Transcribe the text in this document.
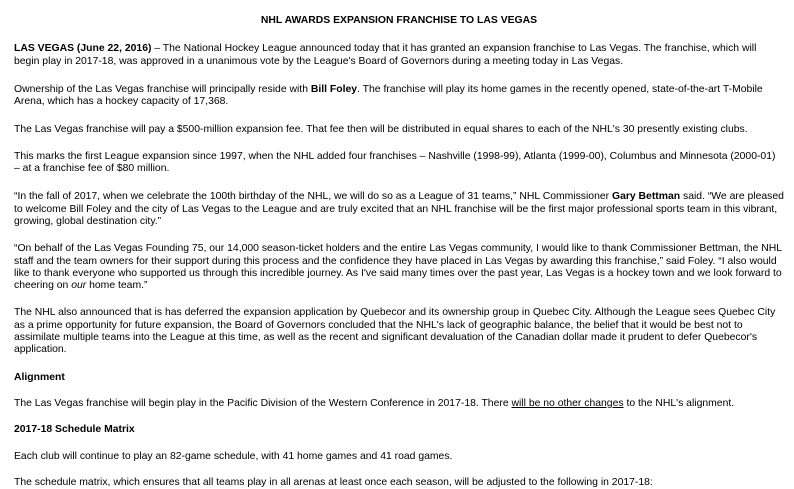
NHL AWARDS EXPANSION FRANCHISE TO LAS VEGAS

LAS VEGAS (June 22, 2016) – The National Hockey League announced today that it has granted an expansion franchise to Las Vegas. The franchise, which will begin play in 2017-18, was approved in a unanimous vote by the League's Board of Governors during a meeting today in Las Vegas.

Ownership of the Las Vegas franchise will principally reside with Bill Foley. The franchise will play its home games in the recently opened, state-of-the-art T-Mobile Arena, which has a hockey capacity of 17,368.

The Las Vegas franchise will pay a $500-million expansion fee. That fee then will be distributed in equal shares to each of the NHL's 30 presently existing clubs.

This marks the first League expansion since 1997, when the NHL added four franchises – Nashville (1998-99), Atlanta (1999-00), Columbus and Minnesota (2000-01) – at a franchise fee of $80 million.

“In the fall of 2017, when we celebrate the 100th birthday of the NHL, we will do so as a League of 31 teams,” NHL Commissioner Gary Bettman said. “We are pleased to welcome Bill Foley and the city of Las Vegas to the League and are truly excited that an NHL franchise will be the first major professional sports team in this vibrant, growing, global destination city.”

“On behalf of the Las Vegas Founding 75, our 14,000 season-ticket holders and the entire Las Vegas community, I would like to thank Commissioner Bettman, the NHL staff and the team owners for their support during this process and the confidence they have placed in Las Vegas by awarding this franchise,” said Foley. “I also would like to thank everyone who supported us through this incredible journey. As I've said many times over the past year, Las Vegas is a hockey town and we look forward to cheering on our home team.”

The NHL also announced that is has deferred the expansion application by Quebecor and its ownership group in Quebec City. Although the League sees Quebec City as a prime opportunity for future expansion, the Board of Governors concluded that the NHL's lack of geographic balance, the belief that it would be best not to assimilate multiple teams into the League at this time, as well as the recent and significant devaluation of the Canadian dollar made it prudent to defer Quebecor's application.

Alignment

The Las Vegas franchise will begin play in the Pacific Division of the Western Conference in 2017-18. There will be no other changes to the NHL's alignment.

2017-18 Schedule Matrix

Each club will continue to play an 82-game schedule, with 41 home games and 41 road games.

The schedule matrix, which ensures that all teams play in all arenas at least once each season, will be adjusted to the following in 2017-18:
